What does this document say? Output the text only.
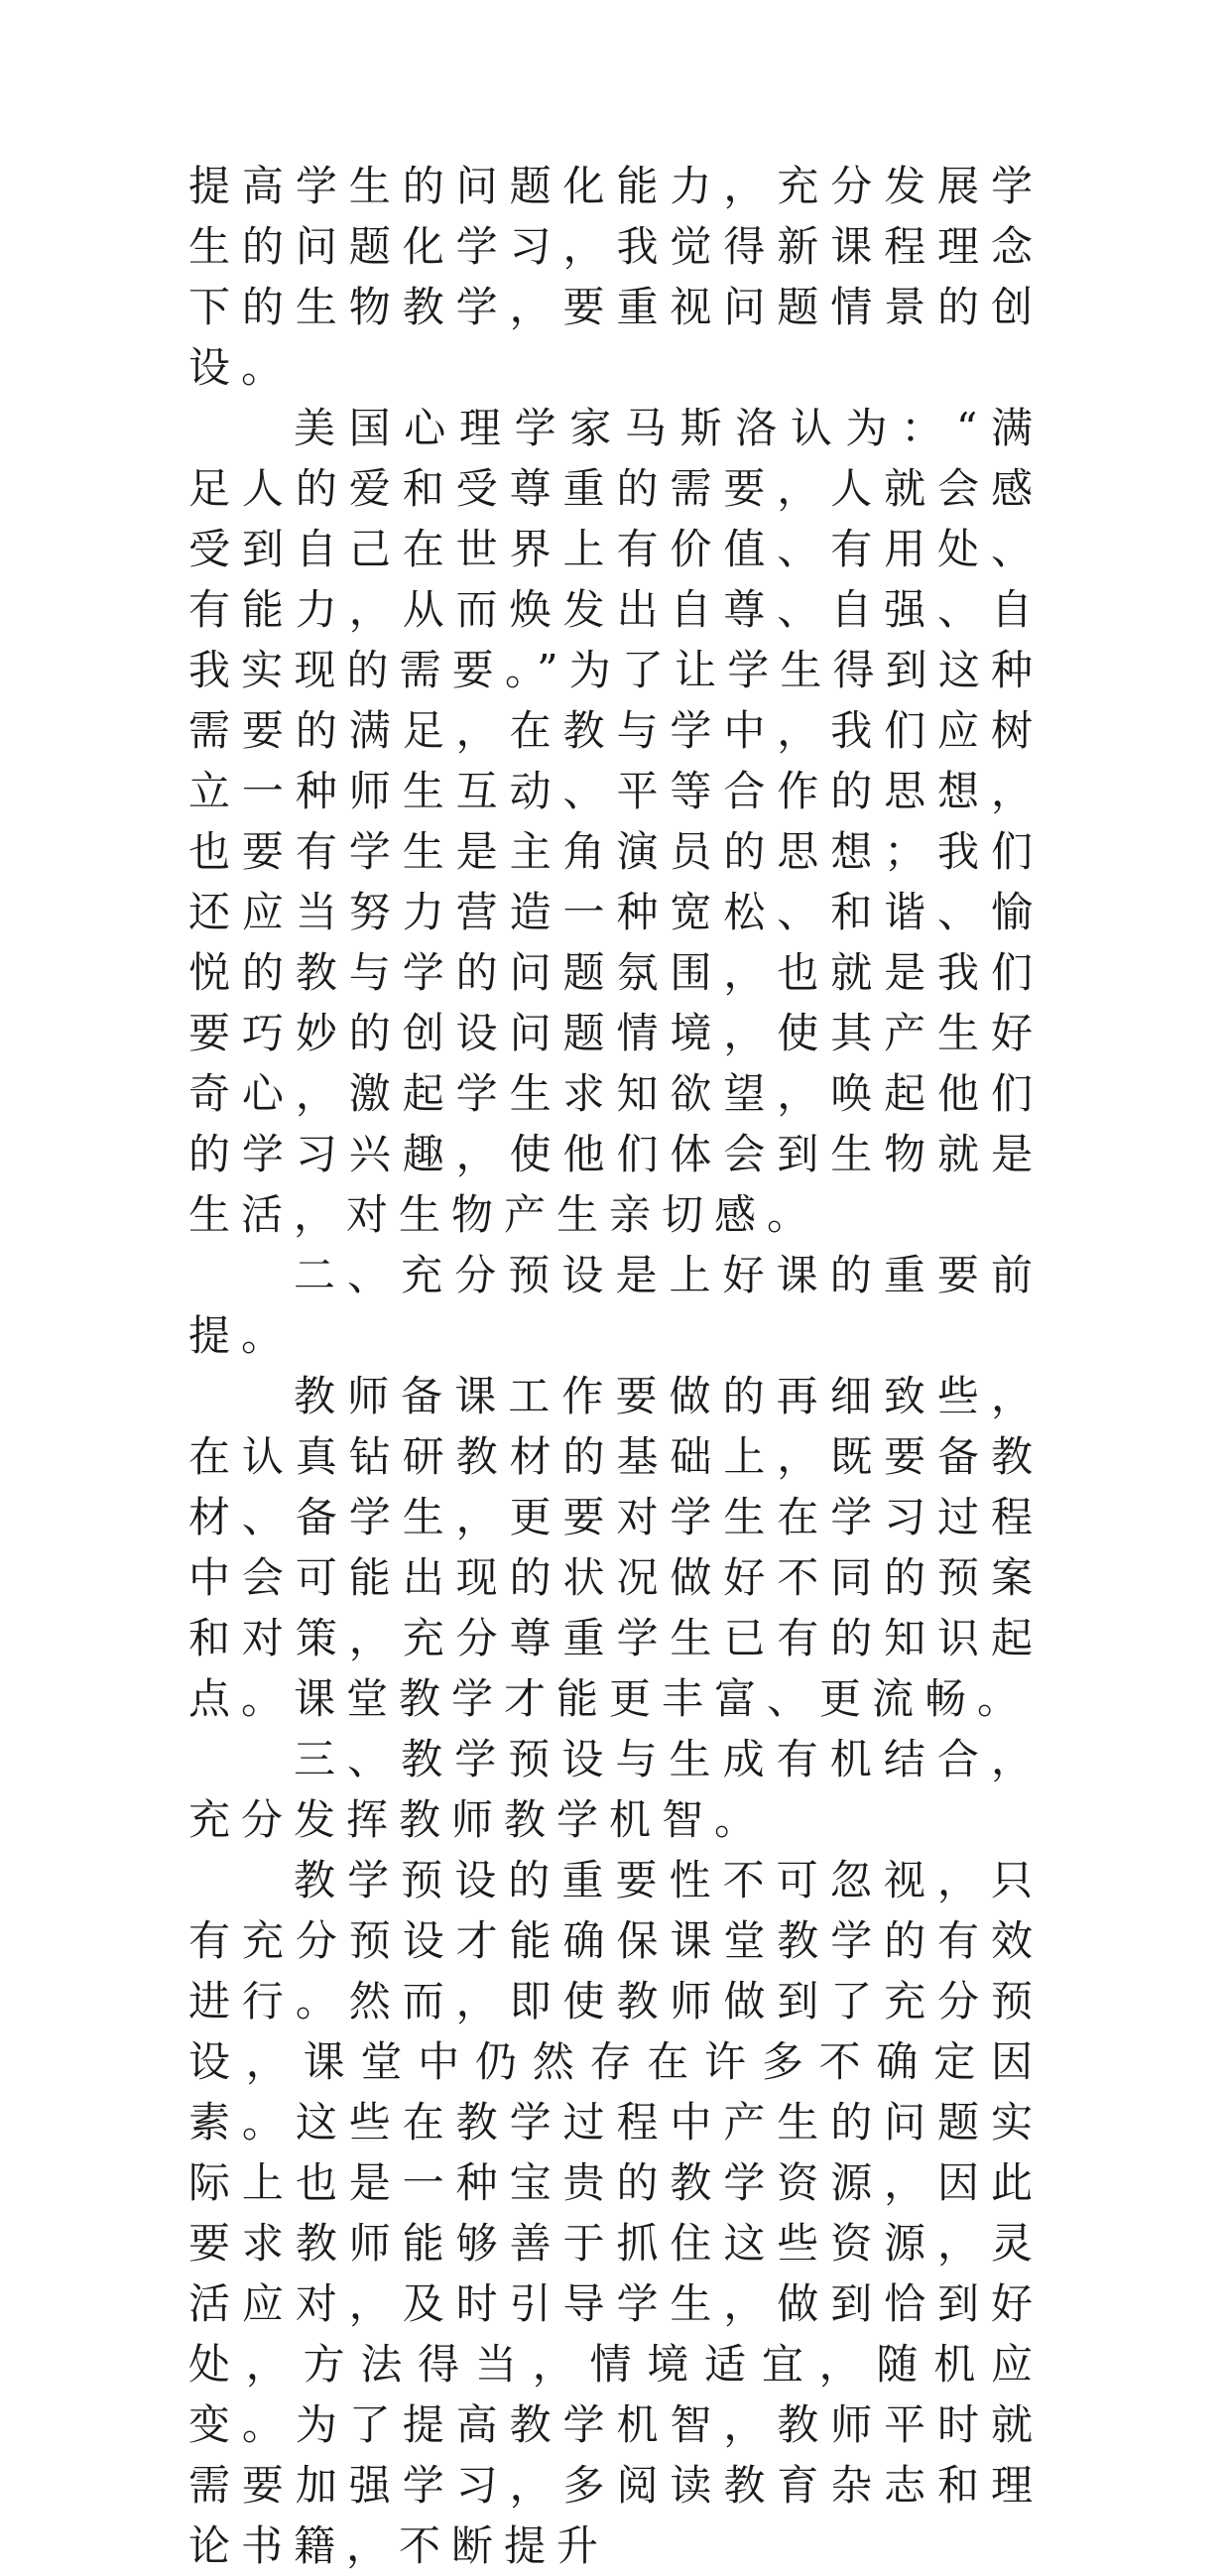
提高学生的问题化能力，充分发展学生的问题化学习，我觉得新课程理念下的生物教学，要重视问题情景的创设。

美国心理学家马斯洛认为：“满足人的爱和受尊重的需要，人就会感受到自己在世界上有价值、有用处、有能力，从而焕发出自尊、自强、自我实现的需要。”为了让学生得到这种需要的满足，在教与学中，我们应树立一种师生互动、平等合作的思想，也要有学生是主角演员的思想；我们还应当努力营造一种宽松、和谐、愉悦的教与学的问题氛围，也就是我们要巧妙的创设问题情境，使其产生好奇心，激起学生求知欲望，唤起他们的学习兴趣，使他们体会到生物就是生活，对生物产生亲切感。

二、充分预设是上好课的重要前提。

教师备课工作要做的再细致些，在认真钻研教材的基础上，既要备教材、备学生，更要对学生在学习过程中会可能出现的状况做好不同的预案和对策，充分尊重学生已有的知识起点。课堂教学才能更丰富、更流畅。

三、教学预设与生成有机结合，充分发挥教师教学机智。

教学预设的重要性不可忽视，只有充分预设才能确保课堂教学的有效进行。然而，即使教师做到了充分预设，课堂中仍然存在许多不确定因素。这些在教学过程中产生的问题实际上也是一种宝贵的教学资源，因此要求教师能够善于抓住这些资源，灵活应对，及时引导学生，做到恰到好处，方法得当，情境适宜，随机应变。为了提高教学机智，教师平时就需要加强学习，多阅读教育杂志和理论书籍，不断提升
